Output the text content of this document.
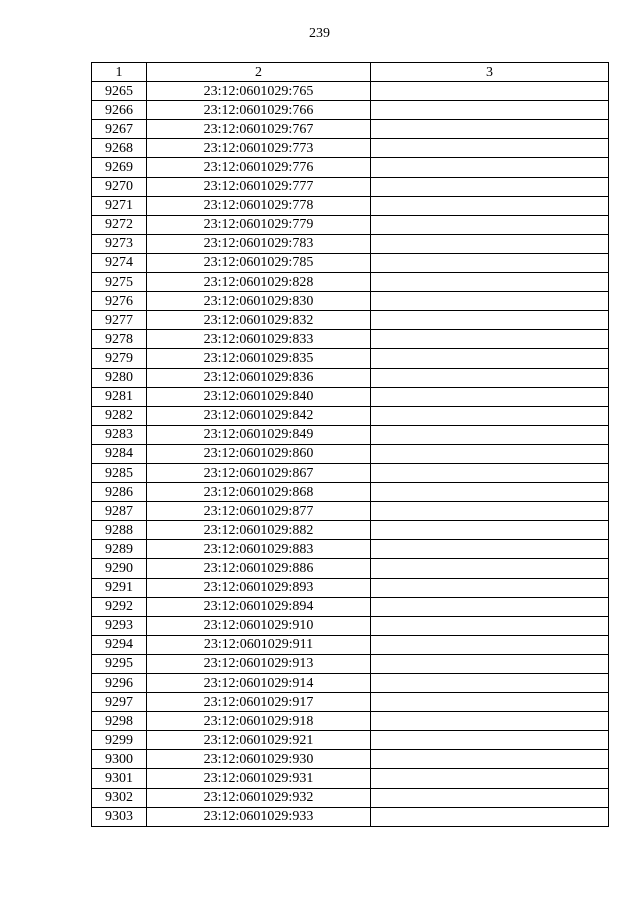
239
1	2	3
9265	23:12:0601029:765	
9266	23:12:0601029:766	
9267	23:12:0601029:767	
9268	23:12:0601029:773	
9269	23:12:0601029:776	
9270	23:12:0601029:777	
9271	23:12:0601029:778	
9272	23:12:0601029:779	
9273	23:12:0601029:783	
9274	23:12:0601029:785	
9275	23:12:0601029:828	
9276	23:12:0601029:830	
9277	23:12:0601029:832	
9278	23:12:0601029:833	
9279	23:12:0601029:835	
9280	23:12:0601029:836	
9281	23:12:0601029:840	
9282	23:12:0601029:842	
9283	23:12:0601029:849	
9284	23:12:0601029:860	
9285	23:12:0601029:867	
9286	23:12:0601029:868	
9287	23:12:0601029:877	
9288	23:12:0601029:882	
9289	23:12:0601029:883	
9290	23:12:0601029:886	
9291	23:12:0601029:893	
9292	23:12:0601029:894	
9293	23:12:0601029:910	
9294	23:12:0601029:911	
9295	23:12:0601029:913	
9296	23:12:0601029:914	
9297	23:12:0601029:917	
9298	23:12:0601029:918	
9299	23:12:0601029:921	
9300	23:12:0601029:930	
9301	23:12:0601029:931	
9302	23:12:0601029:932	
9303	23:12:0601029:933	
